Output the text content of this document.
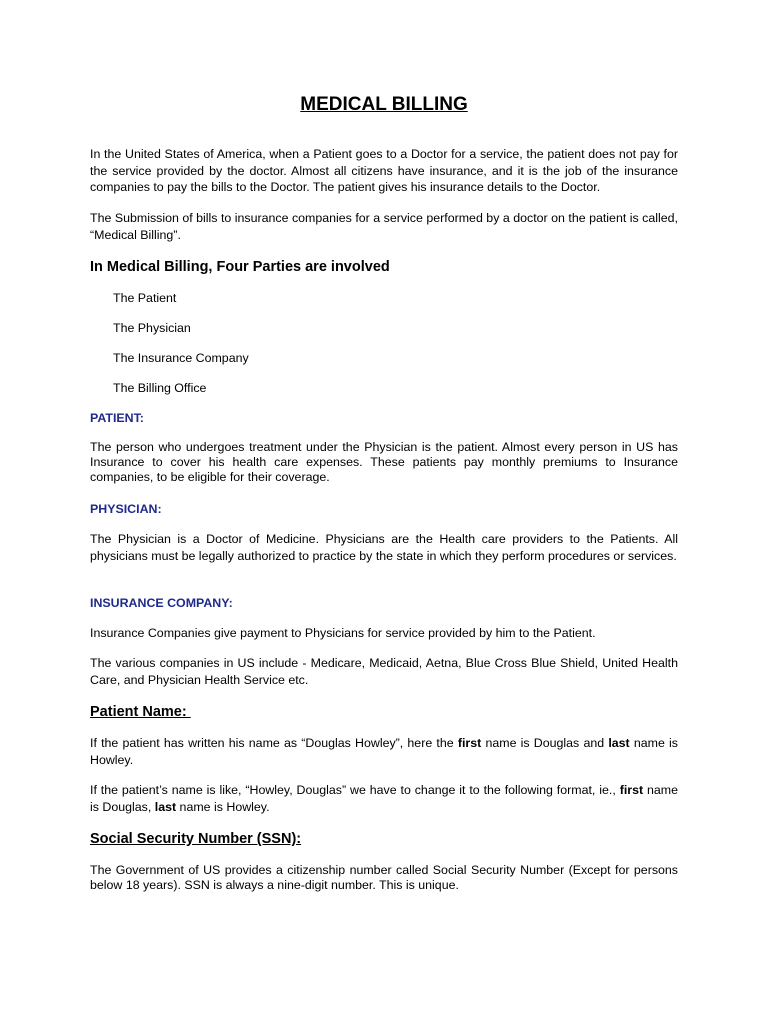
MEDICAL BILLING

In the United States of America, when a Patient goes to a Doctor for a service, the patient does not pay for the service provided by the doctor. Almost all citizens have insurance, and it is the job of the insurance companies to pay the bills to the Doctor. The patient gives his insurance details to the Doctor.

The Submission of bills to insurance companies for a service performed by a doctor on the patient is called, “Medical Billing”.

In Medical Billing, Four Parties are involved
The Patient
The Physician
The Insurance Company
The Billing Office
PATIENT:

The person who undergoes treatment under the Physician is the patient. Almost every person in US has Insurance to cover his health care expenses. These patients pay monthly premiums to Insurance companies, to be eligible for their coverage.

PHYSICIAN:

The Physician is a Doctor of Medicine. Physicians are the Health care providers to the Patients. All physicians must be legally authorized to practice by the state in which they perform procedures or services.

INSURANCE COMPANY:

Insurance Companies give payment to Physicians for service provided by him to the Patient.

The various companies in US include - Medicare, Medicaid, Aetna, Blue Cross Blue Shield, United Health Care, and Physician Health Service etc.

Patient Name:

If the patient has written his name as “Douglas Howley”, here the first name is Douglas and last name is Howley.

If the patient’s name is like, “Howley, Douglas” we have to change it to the following format, ie., first name is Douglas, last name is Howley.

Social Security Number (SSN):

The Government of US provides a citizenship number called Social Security Number (Except for persons below 18 years). SSN is always a nine-digit number. This is unique.
